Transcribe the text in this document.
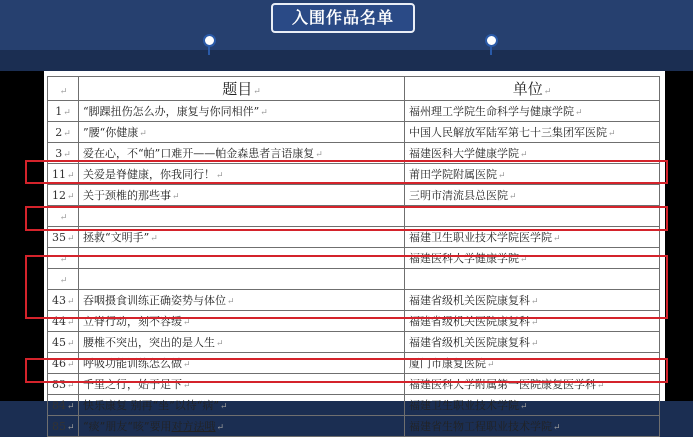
入围作品名单
↵	题目↵	单位↵
1↵	“脚踝扭伤怎么办，康复与你同相伴”↵	福州理工学院生命科学与健康学院↵
2↵	”腰“你健康↵	中国人民解放军陆军第七十三集团军医院↵
3↵	爱在心，不“帕”口难开——帕金森患者言语康复↵	福建医科大学健康学院↵
11↵	关爱是脊健康，你我同行！↵	莆田学院附属医院↵
12↵	关于颈椎的那些事↵	三明市清流县总医院↵
↵		
35↵	拯救“文明手”↵	福建卫生职业技术学院医学院↵
↵		福建医科大学健康学院↵
↵		
43↵	吞咽摄食训练正确姿势与体位↵	福建省级机关医院康复科↵
44↵	立脊行动，刻不容缓↵	福建省级机关医院康复科↵
45↵	腰椎不突出，突出的是人生↵	福建省级机关医院康复科↵
46↵	呼吸功能训练怎么做↵	厦门市康复医院↵
83↵	千里之行，始于足下↵	福建医科大学附属第一医院康复医学科↵
84↵	快乐康复 别再“坐”以待“病”↵	福建卫生职业技术学院↵
85↵	“痰”朋友“咳”要用对方法哦↵	福建省生物工程职业技术学院↵
